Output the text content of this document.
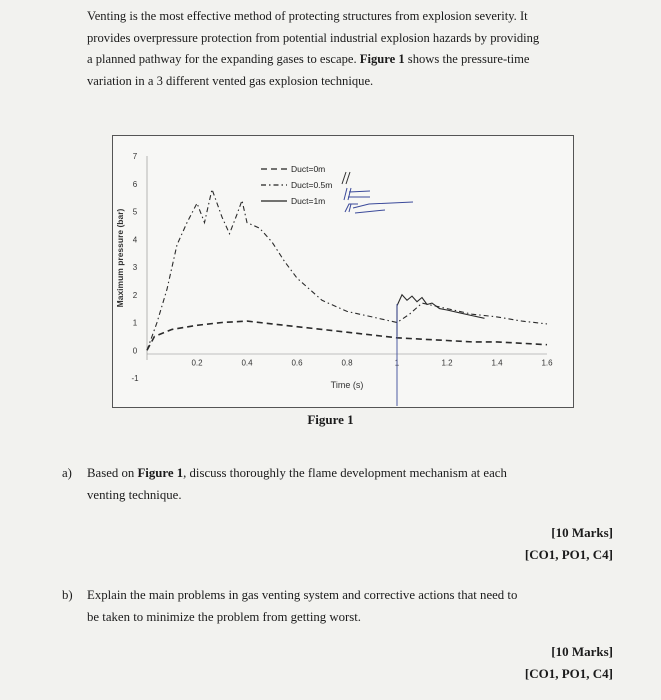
Venting is the most effective method of protecting structures from explosion severity. It
provides overpressure protection from potential industrial explosion hazards by providing
a planned pathway for the expanding gases to escape. Figure 1 shows the pressure-time
variation in a 3 different vented gas explosion technique.
7
6
5
4
3
2
1
0
-1
0.2	0.4	0.6	0.8	1	1.2	1.4	1.6
Maximum pressure (bar)
Time (s)
Duct=0m
Duct=0.5m
Duct=1m
Figure 1
a) Based on Figure 1, discuss thoroughly the flame development mechanism at each
venting technique.
[10 Marks]
[CO1, PO1, C4]
b) Explain the main problems in gas venting system and corrective actions that need to
be taken to minimize the problem from getting worst.
[10 Marks]
[CO1, PO1, C4]
